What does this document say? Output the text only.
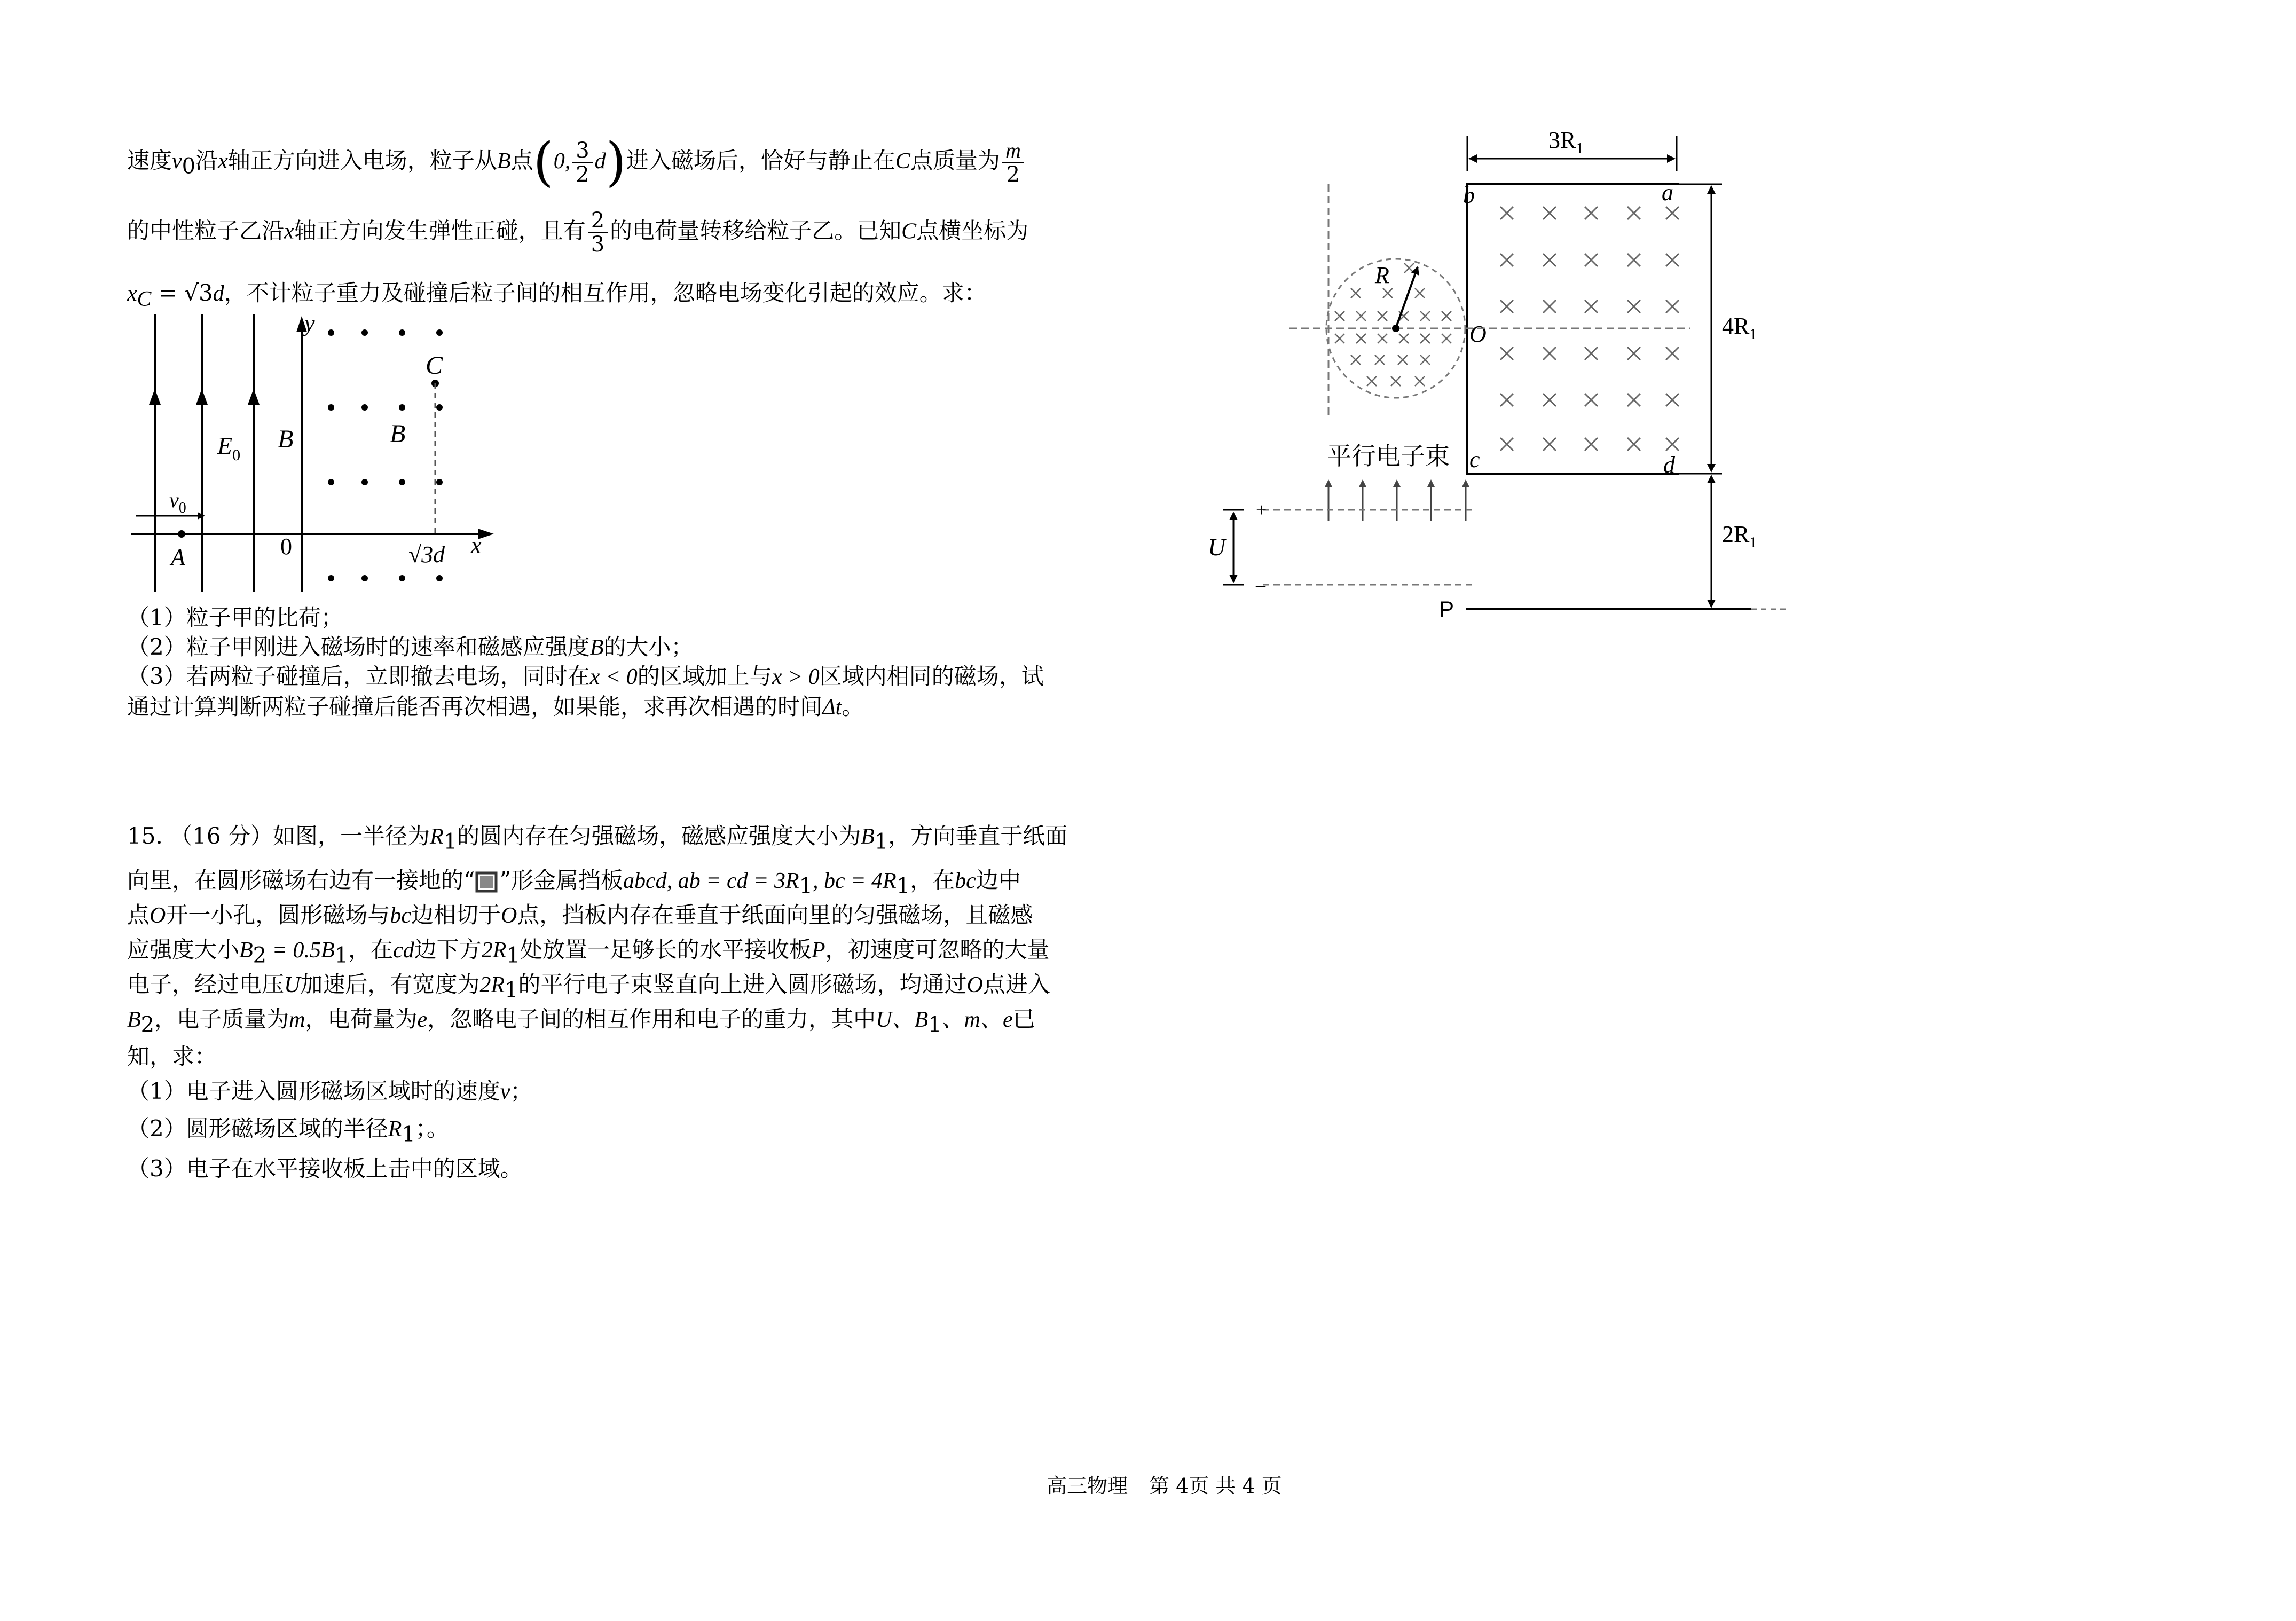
速度$v_0$沿x轴正方向进入电场，粒子从B点(0, $\frac{3}{2} d$)进入磁场后，恰好与静止在C点质量为 $\frac{m}{2}$
的中性粒子乙沿x轴正方向发生弹性正碰，且有 $\frac{2}{3}$ 的电荷量转移给粒子乙。已知C点横坐标为
$x_C = √3d$，不计粒子重力及碰撞后粒子间的相互作用，忽略电场变化引起的效应。求：
y
x
C
B
B
$E_0$
$v_0$
A	0	√3d
（1）粒子甲的比荷；
（2）粒子甲刚进入磁场时的速率和磁感应强度B的大小；
（3）若两粒子碰撞后，立即撤去电场，同时在x < 0的区域加上与x > 0区域内相同的磁场，试
通过计算判断两粒子碰撞后能否再次相遇，如果能，求再次相遇的时间Δt。
15. （16 分）如图，一半径为$R_1$的圆内存在匀强磁场，磁感应强度大小为$B_1$，方向垂直于纸面
向里，在圆形磁场右边有一接地的“ ”形金属挡板abcd, ab = cd = $3R_1$, bc = $4R_1$，在bc边中
点O开一小孔，圆形磁场与bc边相切于O点，挡板内存在垂直于纸面向里的匀强磁场，且磁感
应强度大小$B_2 = 0.5B_1$，在cd边下方$2R_1$处放置一足够长的水平接收板P，初速度可忽略的大量
电子，经过电压U加速后，有宽度为$2R_1$的平行电子束竖直向上进入圆形磁场，均通过O点进入
$B_2$，电子质量为m，电荷量为e，忽略电子间的相互作用和电子的重力，其中U、$B_1$、m、e已
知，求：
（1）电子进入圆形磁场区域时的速度v；
（2）圆形磁场区域的半径$R_1$；。
（3）电子在水平接收板上击中的区域。
$3R_1$
b	a
c	d
O
R
平行电子束
+
–
U
$4R_1$
$2R_1$
P
高三物理 第 4页 共 4 页
